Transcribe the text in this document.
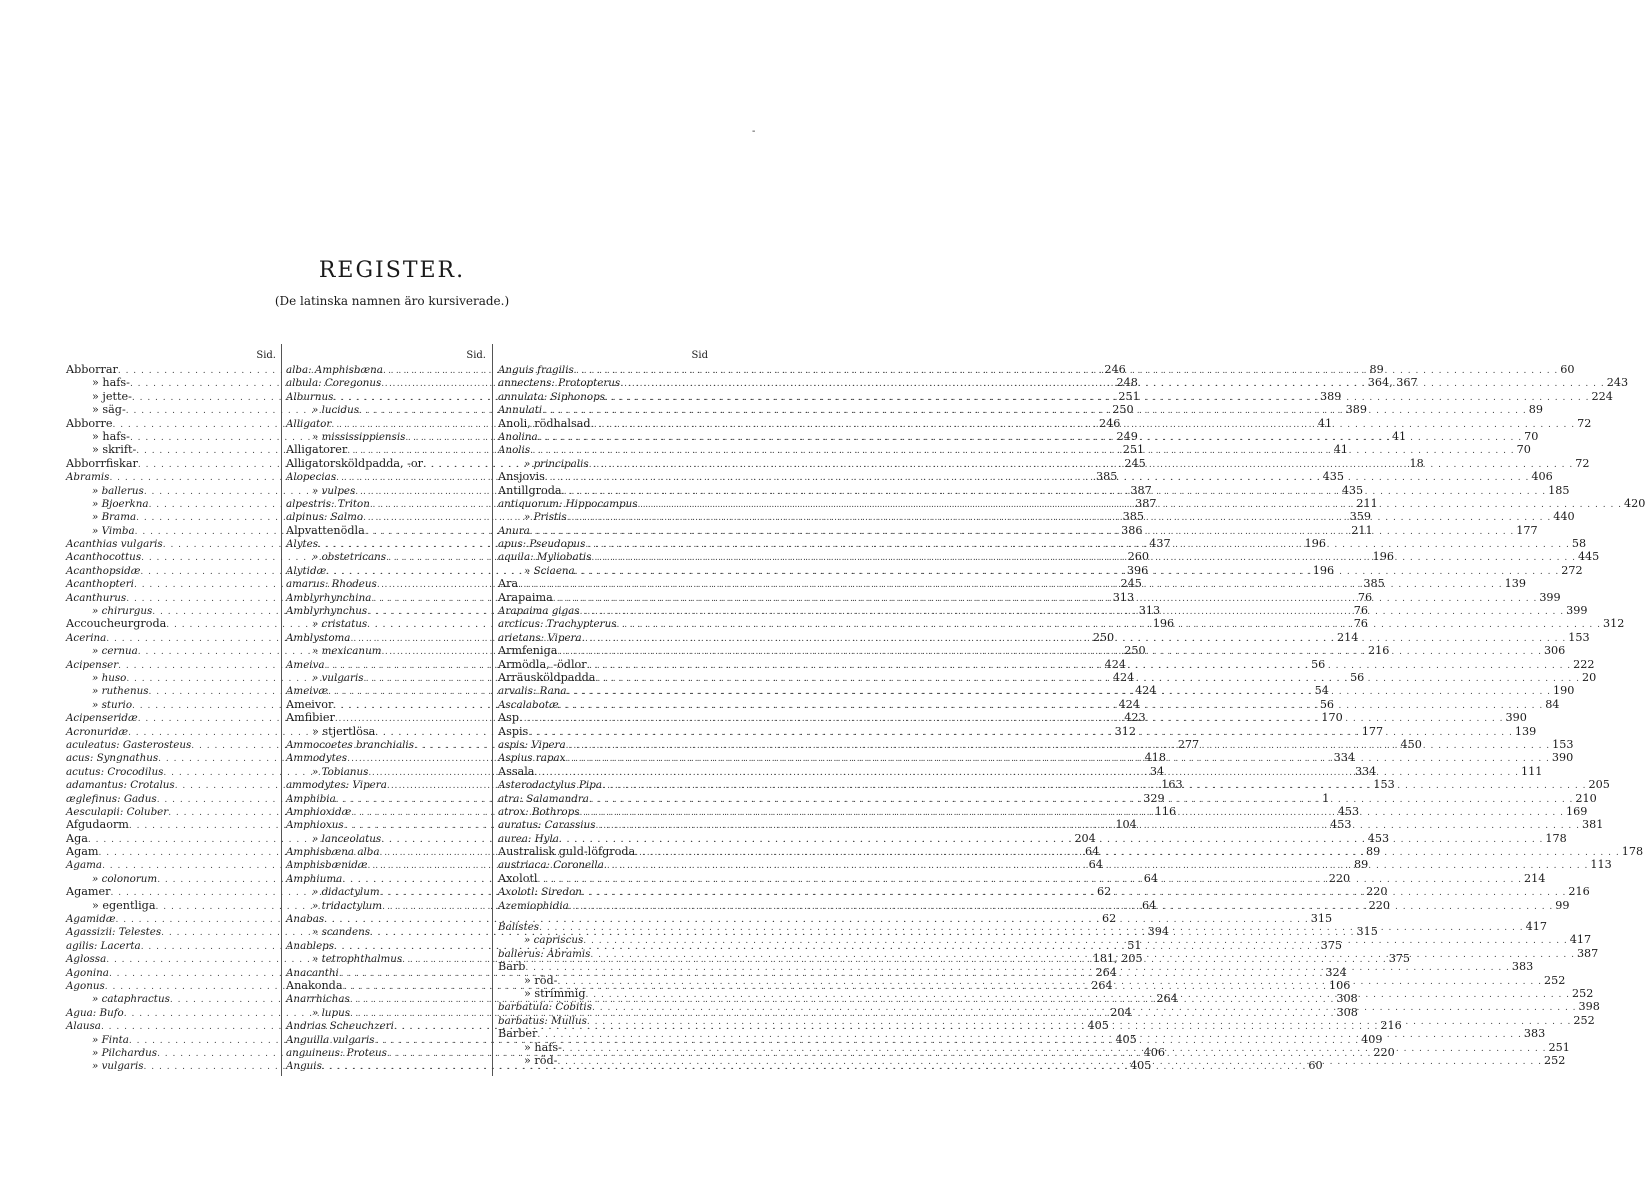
-
REGISTER.
(De latinska namnen äro kursiverade.)
Sid.
Abborrar . . .	246
» hafs- . . .	248
» jette- . . .	251
» säg- . . .	250
Abborre . . .	246
» hafs- . . .	249
» skrift- . . .	251
Abborrfiskar . . .	245
Abramis . . .	385
» ballerus . . .	387
» Bjoerkna . . .	387
» Brama . . .	385
» Vimba . . .	386
Acanthias vulgaris . . .	437
Acanthocottus . . .	260
Acanthopsidæ . . .	396
Acanthopteri . . .	245
Acanthurus . . .	313
» chirurgus . . .	313
Accoucheurgroda . . .	196
Acerina . . .	250
» cernua . . .	250
Acipenser . . .	424
» huso . . .	424
» ruthenus . . .	424
» sturio . . .	424
Acipenseridæ . . .	423
Acronuridæ . . .	312
aculeatus: Gasterosteus . . .	277
acus: Syngnathus . . .	418
acutus: Crocodilus . . .	34
adamantus: Crotalus . . .	163
æglefinus: Gadus . . .	329
Aesculapii: Coluber . . .	116
Afgudaorm . . .	104
Aga . . .	204
Agam . . .	64
Agama . . .	64
» colonorum . . .	64
Agamer . . .	62
» egentliga . . .	64
Agamidæ . . .	62
Agassizii: Telestes . . .	394
agilis: Lacerta . . .	51
Aglossa . . .	181, 205
Agonina . . .	264
Agonus . . .	264
» cataphractus . . .	264
Agua: Bufo . . .	204
Alausa . . .	405
» Finta . . .	405
» Pilchardus . . .	406
» vulgaris . . .	405
Sid.
alba: Amphisbæna . . .	89
albula: Coregonus . . .	364, 367
Alburnus . . .	389
» lucidus . . .	389
Alligator . . .	41
» mississippiensis . . .	41
Alligatorer . . .	41
Alligatorsköldpadda, -or . . .	18
Alopecias . . .	435
» vulpes . . .	435
alpestris: Triton . . .	211
alpinus: Salmo . . .	359
Alpvattenödla . . .	211
Alytes . . .	196
» obstetricans . . .	196
Alytidæ . . .	196
amarus: Rhodeus . . .	385
Amblyrhynchina . . .	76
Amblyrhynchus . . .	76
» cristatus . . .	76
Amblystoma . . .	214
» mexicanum . . .	216
Ameiva . . .	56
» vulgaris . . .	56
Ameivæ . . .	54
Ameivor . . .	56
Amfibier . . .	170
» stjertlösa . . .	177
Ammocoetes branchialis . . .	450
Ammodytes . . .	334
» Tobianus . . .	334
ammodytes: Vipera . . .	153
Amphibia . . .	1
Amphioxidæ . . .	453
Amphioxus . . .	453
» lanceolatus . . .	453
Amphisbæna alba . . .	89
Amphisbænidæ . . .	89
Amphiuma . . .	220
» didactylum . . .	220
» tridactylum . . .	220
Anabas . . .	315
» scandens . . .	315
Anableps . . .	375
» tetrophthalmus . . .	375
Anacanthi . . .	324
Anakonda . . .	106
Anarrhichas . . .	308
» lupus . . .	308
Andrias Scheuchzeri . . .	216
Anguilla vulgaris . . .	409
anguineus: Proteus . . .	220
Anguis . . .	60
Sid
Anguis fragilis . . .	60
annectens: Protopterus . . .	243
annulata: Siphonops . . .	224
Annulati . . .	89
Anoli, rödhalsad . . .	72
Anolina . . .	70
Anolis . . .	70
» principalis . . .	72
Ansjovis . . .	406
Antillgroda . . .	185
antiquorum: Hippocampus . . .	420
» Pristis . . .	440
Anura . . .	177
apus: Pseudopus . . .	58
aquila: Myliobatis . . .	445
» Sciaena . . .	272
Ara . . .	139
Arapaima . . .	399
Arapaima gigas . . .	399
arcticus: Trachypterus . . .	312
arietans: Vipera . . .	153
Armfeniga . . .	306
Armödla, -ödlor . . .	222
Arräusköldpadda . . .	20
arvalis: Rana . . .	190
Ascalabotæ . . .	84
Asp . . .	390
Aspis . . .	139
aspis: Vipera . . .	153
Aspius rapax . . .	390
Assala . . .	111
Asterodactylus Pipa . . .	205
atra: Salamandra . . .	210
atrox: Bothrops . . .	169
auratus: Carassius . . .	381
aurea: Hyla . . .	178
Australisk guld-löfgroda . . .	178
austriaca: Coronella . . .	113
Axolotl . . .	214
Axolotl: Siredon . . .	216
Azemiophidia . . .	99
Balistes . . .	417
» capriscus . . .	417
ballerus: Abramis . . .	387
Barb . . .	383
» röd- . . .	252
» strimmig . . .	252
barbatula: Cobitis . . .	398
barbatus: Mullus . . .	252
Barber . . .	383
» hafs- . . .	251
» röd- . . .	252
